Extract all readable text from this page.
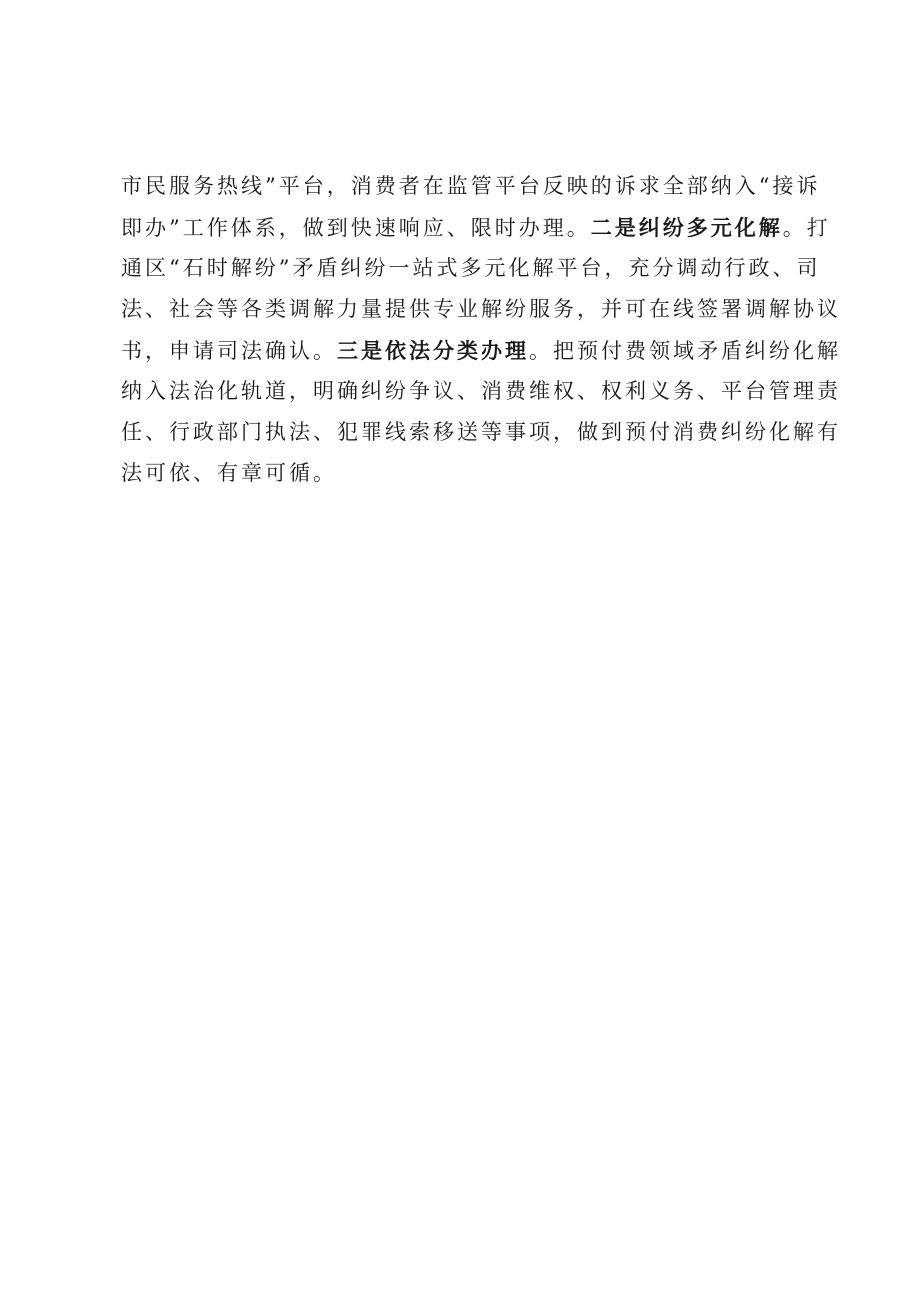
市民服务热线”平台，消费者在监管平台反映的诉求全部纳入“接诉
即办”工作体系，做到快速响应、限时办理。二是纠纷多元化解。打
通区“石时解纷”矛盾纠纷一站式多元化解平台，充分调动行政、司
法、社会等各类调解力量提供专业解纷服务，并可在线签署调解协议
书，申请司法确认。三是依法分类办理。把预付费领域矛盾纠纷化解
纳入法治化轨道，明确纠纷争议、消费维权、权利义务、平台管理责
任、行政部门执法、犯罪线索移送等事项，做到预付消费纠纷化解有
法可依、有章可循。
